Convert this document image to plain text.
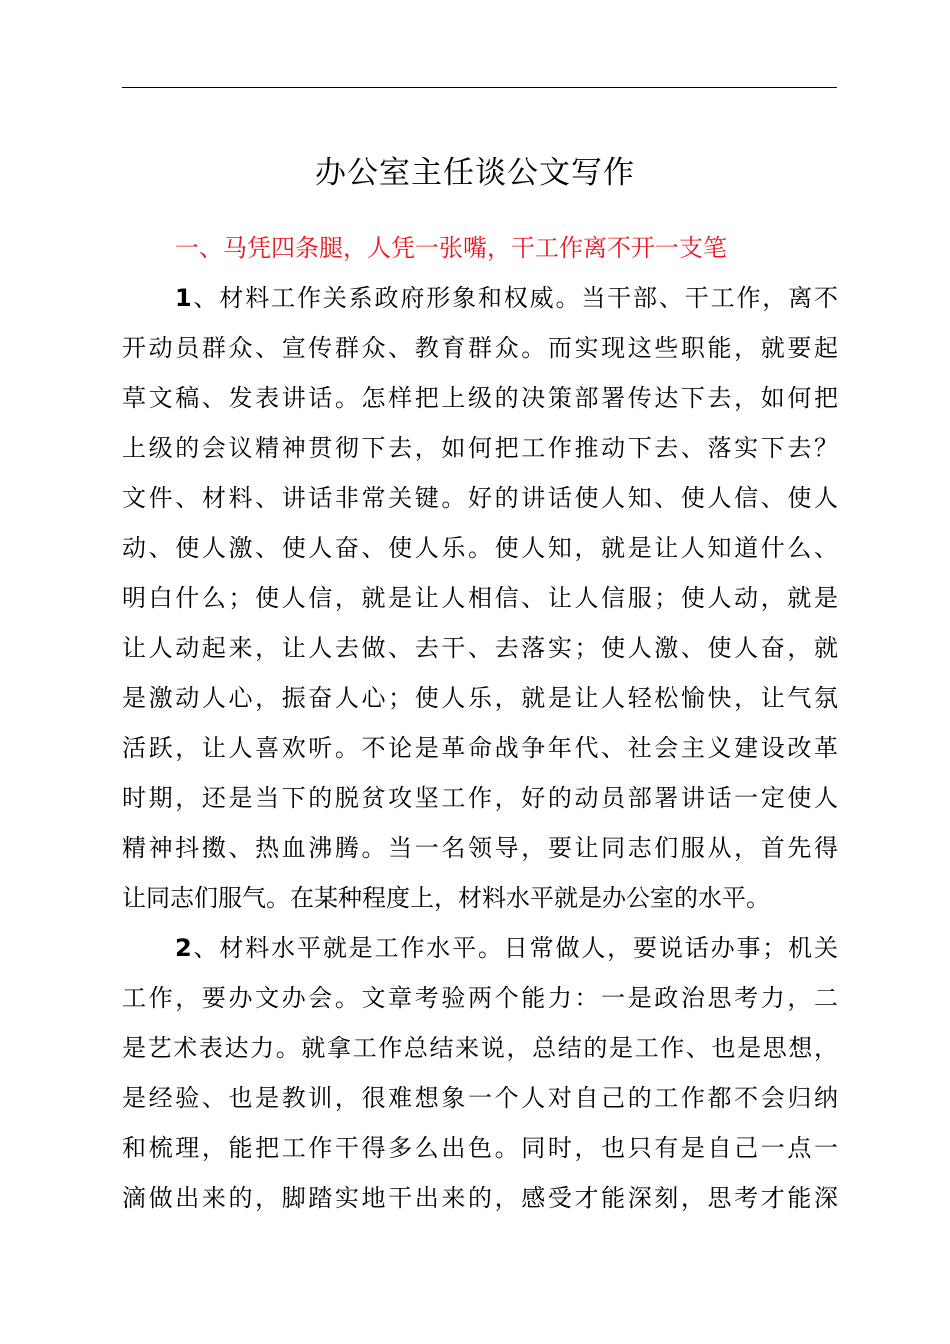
办公室主任谈公文写作
一、马凭四条腿，人凭一张嘴，干工作离不开一支笔
1、材料工作关系政府形象和权威。当干部、干工作，离不
开动员群众、宣传群众、教育群众。而实现这些职能，就要起
草文稿、发表讲话。怎样把上级的决策部署传达下去，如何把
上级的会议精神贯彻下去，如何把工作推动下去、落实下去？
文件、材料、讲话非常关键。好的讲话使人知、使人信、使人
动、使人激、使人奋、使人乐。使人知，就是让人知道什么、
明白什么；使人信，就是让人相信、让人信服；使人动，就是
让人动起来，让人去做、去干、去落实；使人激、使人奋，就
是激动人心，振奋人心；使人乐，就是让人轻松愉快，让气氛
活跃，让人喜欢听。不论是革命战争年代、社会主义建设改革
时期，还是当下的脱贫攻坚工作，好的动员部署讲话一定使人
精神抖擞、热血沸腾。当一名领导，要让同志们服从，首先得
让同志们服气。在某种程度上，材料水平就是办公室的水平。
2、材料水平就是工作水平。日常做人，要说话办事；机关
工作，要办文办会。文章考验两个能力：一是政治思考力，二
是艺术表达力。就拿工作总结来说，总结的是工作、也是思想，
是经验、也是教训，很难想象一个人对自己的工作都不会归纳
和梳理，能把工作干得多么出色。同时，也只有是自己一点一
滴做出来的，脚踏实地干出来的，感受才能深刻，思考才能深
